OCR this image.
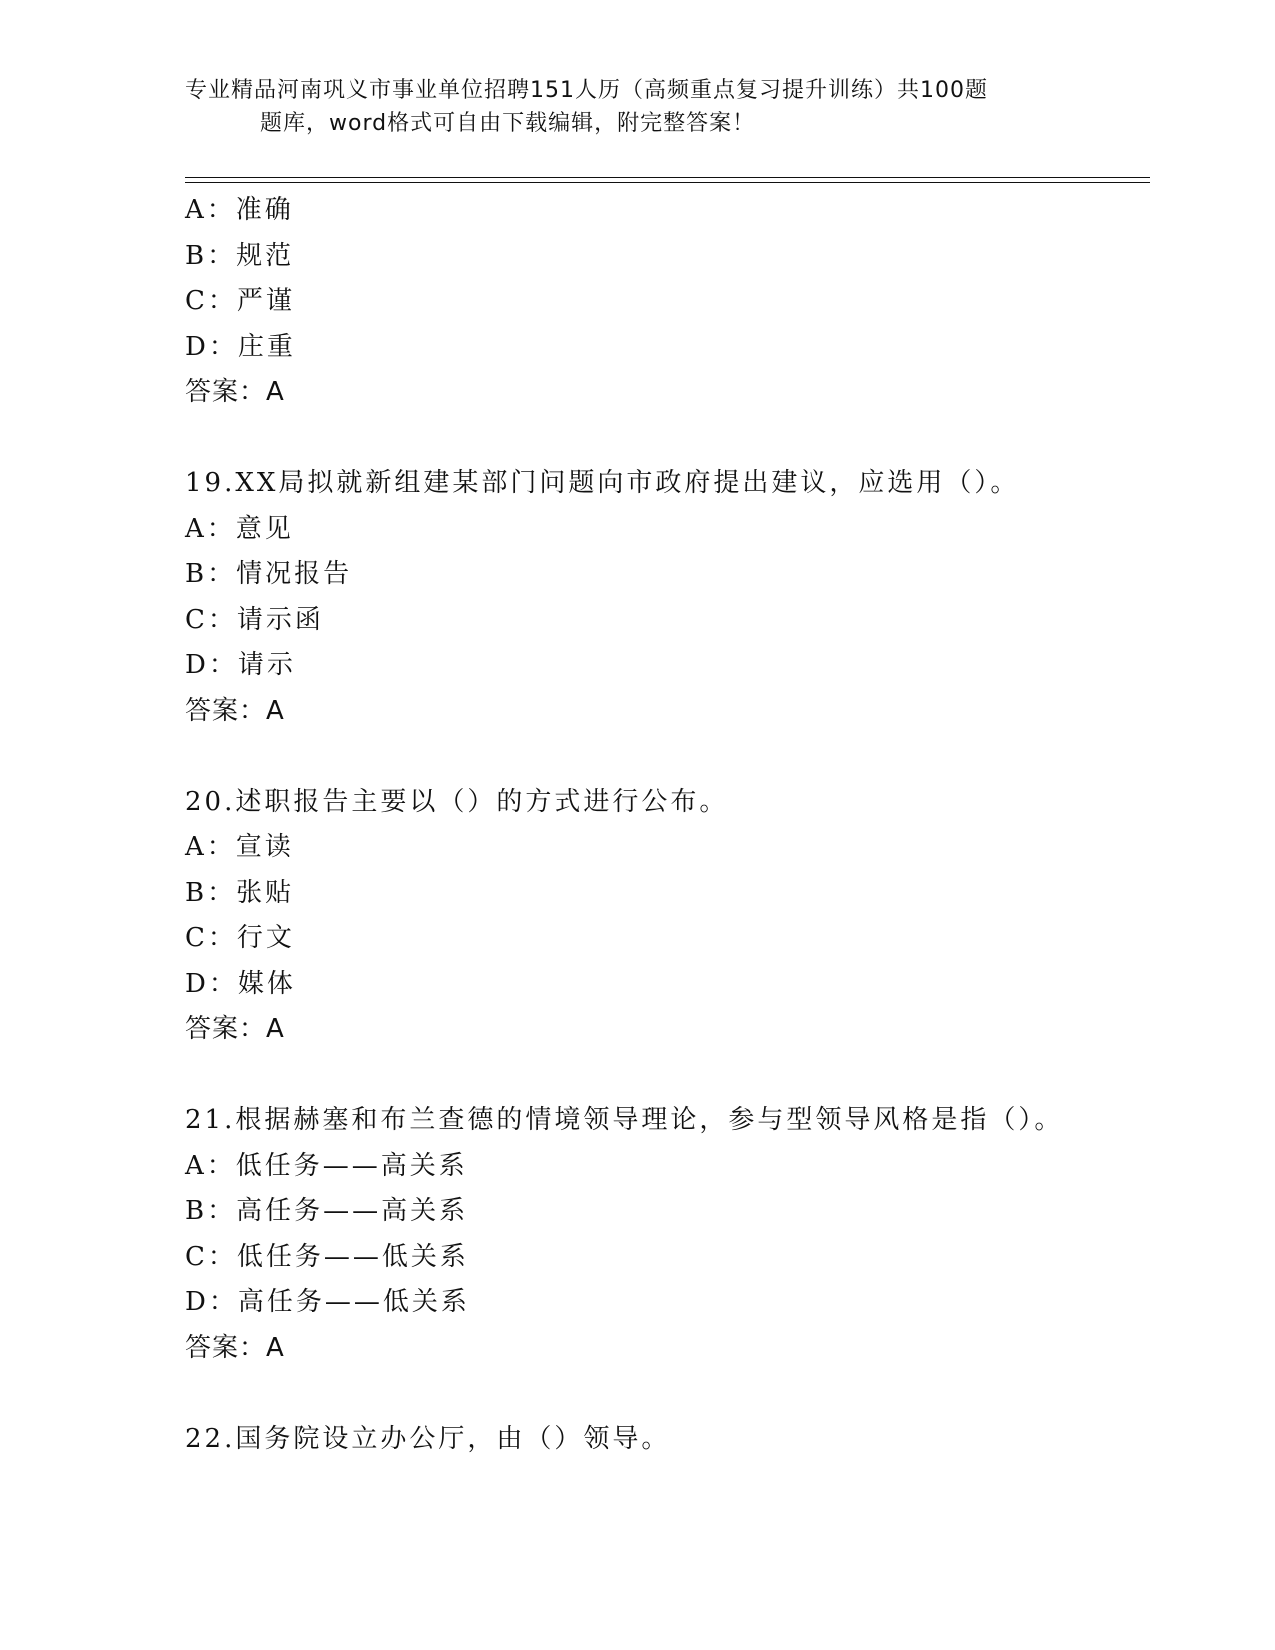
专业精品河南巩义市事业单位招聘151人历（高频重点复习提升训练）共100题
题库，word格式可自由下载编辑，附完整答案！
A：准确
B：规范
C：严谨
D：庄重
答案：A
19.XX局拟就新组建某部门问题向市政府提出建议，应选用（）。
A：意见
B：情况报告
C：请示函
D：请示
答案：A
20.述职报告主要以（）的方式进行公布。
A：宣读
B：张贴
C：行文
D：媒体
答案：A
21.根据赫塞和布兰查德的情境领导理论，参与型领导风格是指（）。
A：低任务——高关系
B：高任务——高关系
C：低任务——低关系
D：高任务——低关系
答案：A
22.国务院设立办公厅，由（）领导。
